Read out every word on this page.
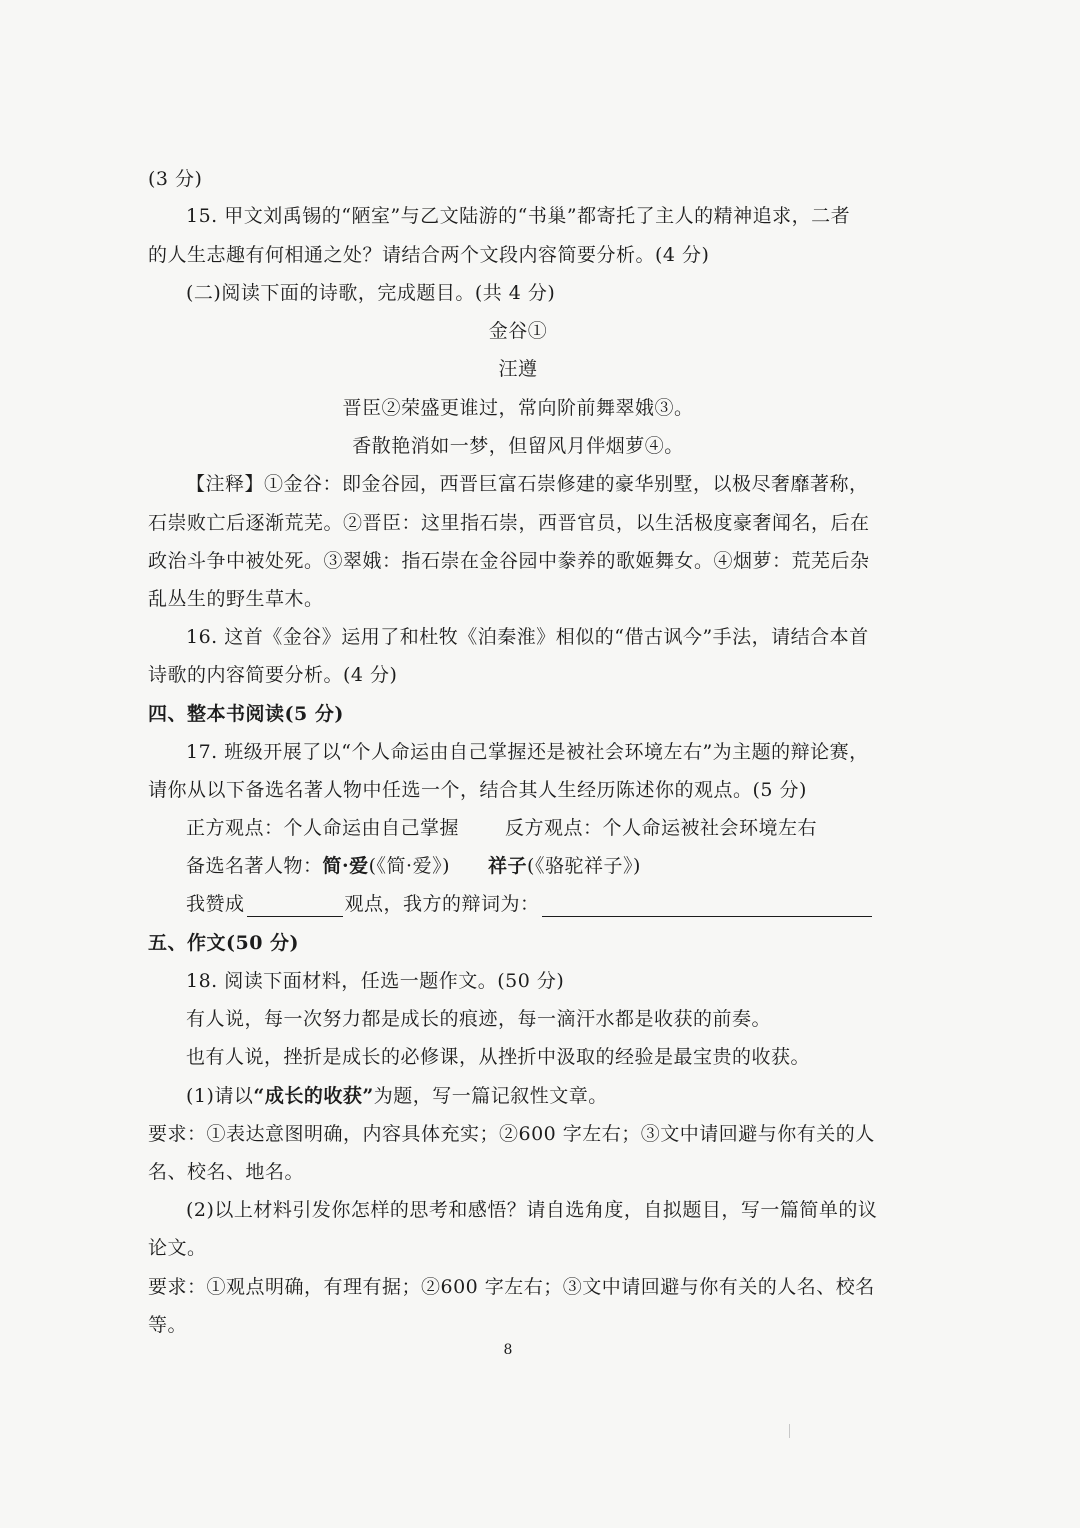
(3 分)
15. 甲文刘禹锡的“陋室”与乙文陆游的“书巢”都寄托了主人的精神追求，二者
的人生志趣有何相通之处？请结合两个文段内容简要分析。(4 分)
(二)阅读下面的诗歌，完成题目。(共 4 分)
金谷①
汪遵
晋臣②荣盛更谁过，常向阶前舞翠娥③。
香散艳消如一梦，但留风月伴烟萝④。
【注释】①金谷：即金谷园，西晋巨富石崇修建的豪华别墅，以极尽奢靡著称，
石崇败亡后逐渐荒芜。②晋臣：这里指石崇，西晋官员，以生活极度豪奢闻名，后在
政治斗争中被处死。③翠娥：指石崇在金谷园中豢养的歌姬舞女。④烟萝：荒芜后杂
乱丛生的野生草木。
16. 这首《金谷》运用了和杜牧《泊秦淮》相似的“借古讽今”手法，请结合本首
诗歌的内容简要分析。(4 分)
四、整本书阅读(5 分)
17. 班级开展了以“个人命运由自己掌握还是被社会环境左右”为主题的辩论赛，
请你从以下备选名著人物中任选一个，结合其人生经历陈述你的观点。(5 分)
正方观点：个人命运由自己掌握 反方观点：个人命运被社会环境左右
备选名著人物：简·爱(《简·爱》) 祥子(《骆驼祥子》)
我赞成	观点，我方的辩词为：
五、作文(50 分)
18. 阅读下面材料，任选一题作文。(50 分)
有人说，每一次努力都是成长的痕迹，每一滴汗水都是收获的前奏。
也有人说，挫折是成长的必修课，从挫折中汲取的经验是最宝贵的收获。
(1)请以“成长的收获”为题，写一篇记叙性文章。
要求：①表达意图明确，内容具体充实；②600 字左右；③文中请回避与你有关的人
名、校名、地名。
(2)以上材料引发你怎样的思考和感悟？请自选角度，自拟题目，写一篇简单的议
论文。
要求：①观点明确，有理有据；②600 字左右；③文中请回避与你有关的人名、校名
等。
8
